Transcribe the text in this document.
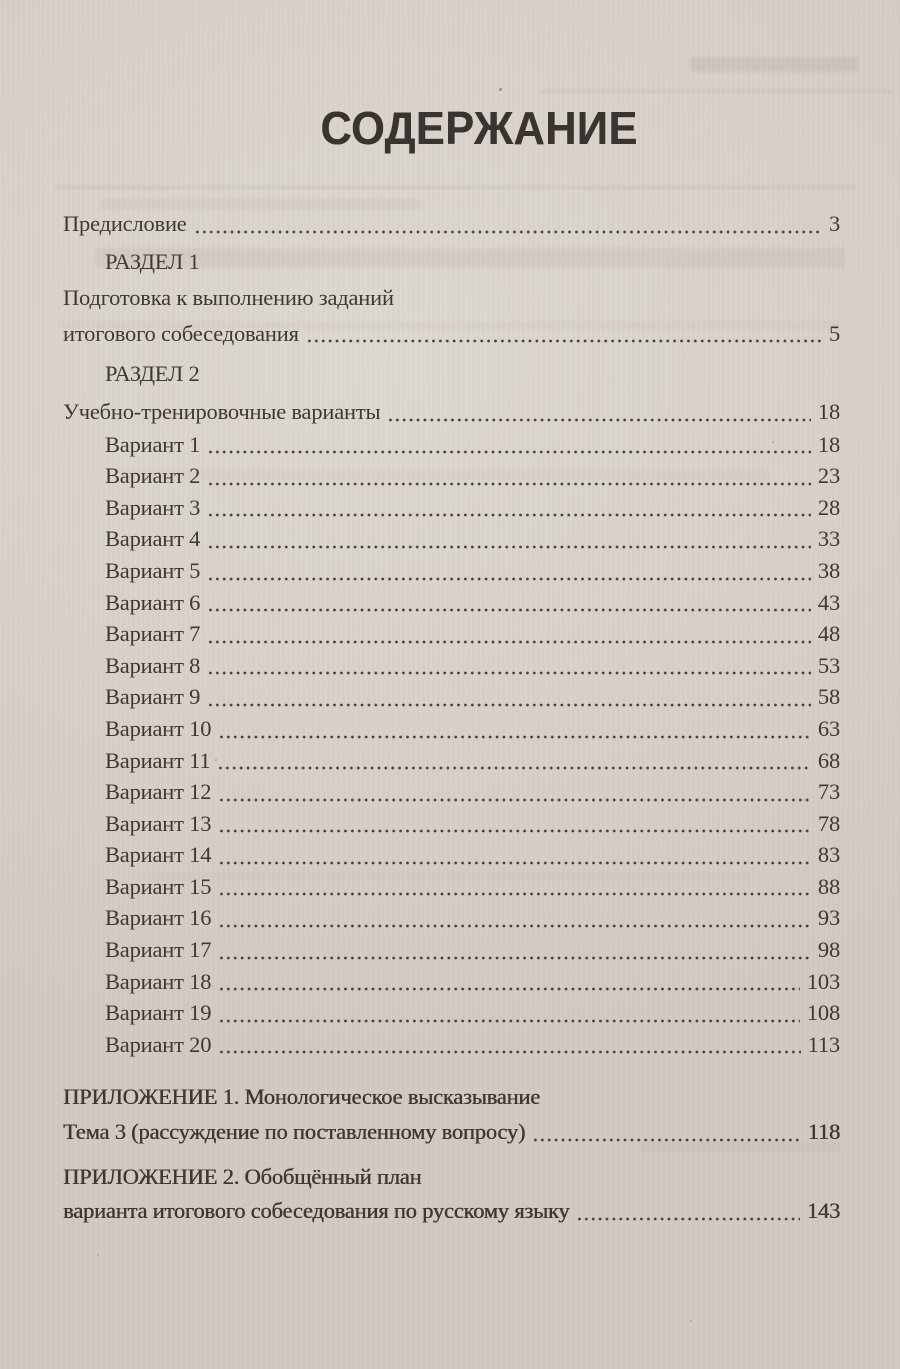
СОДЕРЖАНИЕ
Предисловие	3
РАЗДЕЛ 1
Подготовка к выполнению заданий
итогового собеседования	5
РАЗДЕЛ 2
Учебно-тренировочные варианты	18
Вариант 1	18
Вариант 2	23
Вариант 3	28
Вариант 4	33
Вариант 5	38
Вариант 6	43
Вариант 7	48
Вариант 8	53
Вариант 9	58
Вариант 10	63
Вариант 11	68
Вариант 12	73
Вариант 13	78
Вариант 14	83
Вариант 15	88
Вариант 16	93
Вариант 17	98
Вариант 18	103
Вариант 19	108
Вариант 20	113
ПРИЛОЖЕНИЕ 1. Монологическое высказывание
Тема 3 (рассуждение по поставленному вопросу)	118
ПРИЛОЖЕНИЕ 2. Обобщённый план
варианта итогового собеседования по русскому языку	143
